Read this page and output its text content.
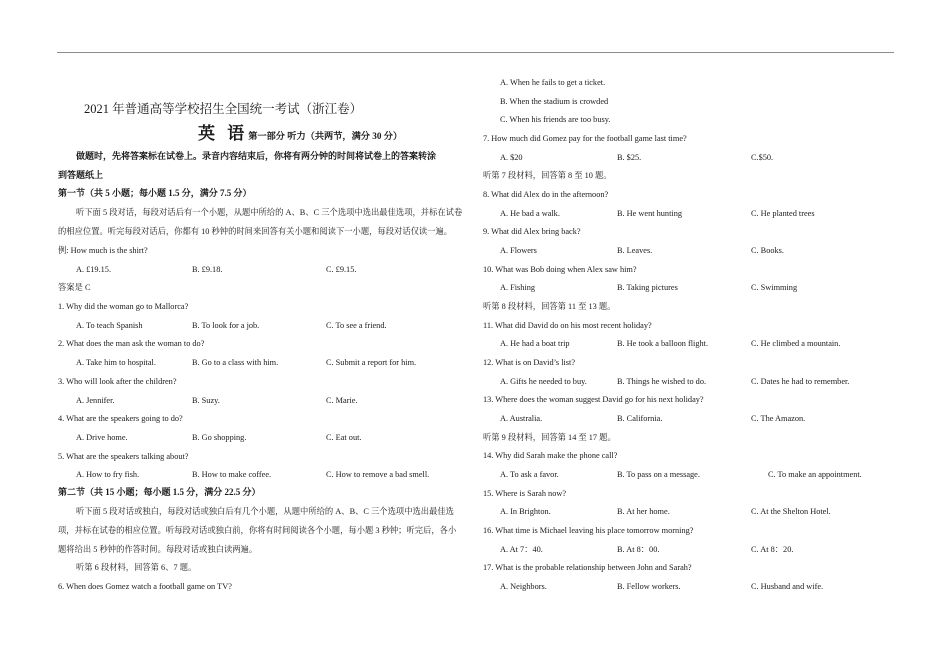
2021 年普通高等学校招生全国统一考试（浙江卷）
英 语第一部分 听力（共两节，满分 30 分）
做题时，先将答案标在试卷上。录音内容结束后，你将有两分钟的时间将试卷上的答案转涂
到答题纸上
第一节（共 5 小题；每小题 1.5 分，满分 7.5 分）
听下面 5 段对话，每段对话后有一个小题，从题中所给的 A、B、C 三个选项中选出最佳选项，并标在试卷
的相应位置。听完每段对话后，你都有 10 秒钟的时间来回答有关小题和阅读下一小题，每段对话仅读一遍。
例: How much is the shirt?
A. £19.15.	B. £9.18.	C. £9.15.
答案是 C
1. Why did the woman go to Mallorca?
A. To teach Spanish	B. To look for a job.	C. To see a friend.
2. What does the man ask the woman to do?
A. Take him to hospital.	B. Go to a class with him.	C. Submit a report for him.
3. Who will look after the children?
A. Jennifer.	B. Suzy.	C. Marie.
4. What are the speakers going to do?
A. Drive home.	B. Go shopping.	C. Eat out.
5. What are the speakers talking about?
A. How to fry fish.	B. How to make coffee.	C. How to remove a bad smell.
第二节（共 15 小题；每小题 1.5 分，满分 22.5 分）
听下面 5 段对话或独白，每段对话或独白后有几个小题，从题中所给的 A、B、C 三个选项中选出最佳选
项，并标在试卷的相应位置。听每段对话或独白前，你将有时间阅读各个小题，每小题 3 秒钟；听完后，各小
题将给出 5 秒钟的作答时间。每段对话或独白读两遍。
听第 6 段材料，回答第 6、7 题。
6. When does Gomez watch a football game on TV?
A. When he fails to get a ticket.
B. When the stadium is crowded
C. When his friends are too busy.
7. How much did Gomez pay for the football game last time?
A. $20	B. $25.	C.$50.
听第 7 段材料，回答第 8 至 10 题。
8. What did Alex do in the afternoon?
A. He bad a walk.	B. He went hunting	C. He planted trees
9. What did Alex bring back?
A. Flowers	B. Leaves.	C. Books.
10. What was Bob doing when Alex saw him?
A. Fishing	B. Taking pictures	C. Swimming
听第 8 段材料，回答第 11 至 13 题。
11. What did David do on his most recent holiday?
A. He had a boat trip	B. He took a balloon flight.	C. He climbed a mountain.
12. What is on David’s list?
A. Gifts he needed to buy.	B. Things he wished to do.	C. Dates he had to remember.
13. Where does the woman suggest David go for his next holiday?
A. Australia.	B. California.	C. The Amazon.
听第 9 段材料，回答第 14 至 17 题。
14. Why did Sarah make the phone call?
A. To ask a favor.	B. To pass on a message.	C. To make an appointment.
15. Where is Sarah now?
A. In Brighton.	B. At her home.	C. At the Shelton Hotel.
16. What time is Michael leaving his place tomorrow morning?
A. At 7：40.	B. At 8：00.	C. At 8：20.
17. What is the probable relationship between John and Sarah?
A. Neighbors.	B. Fellow workers.	C. Husband and wife.
